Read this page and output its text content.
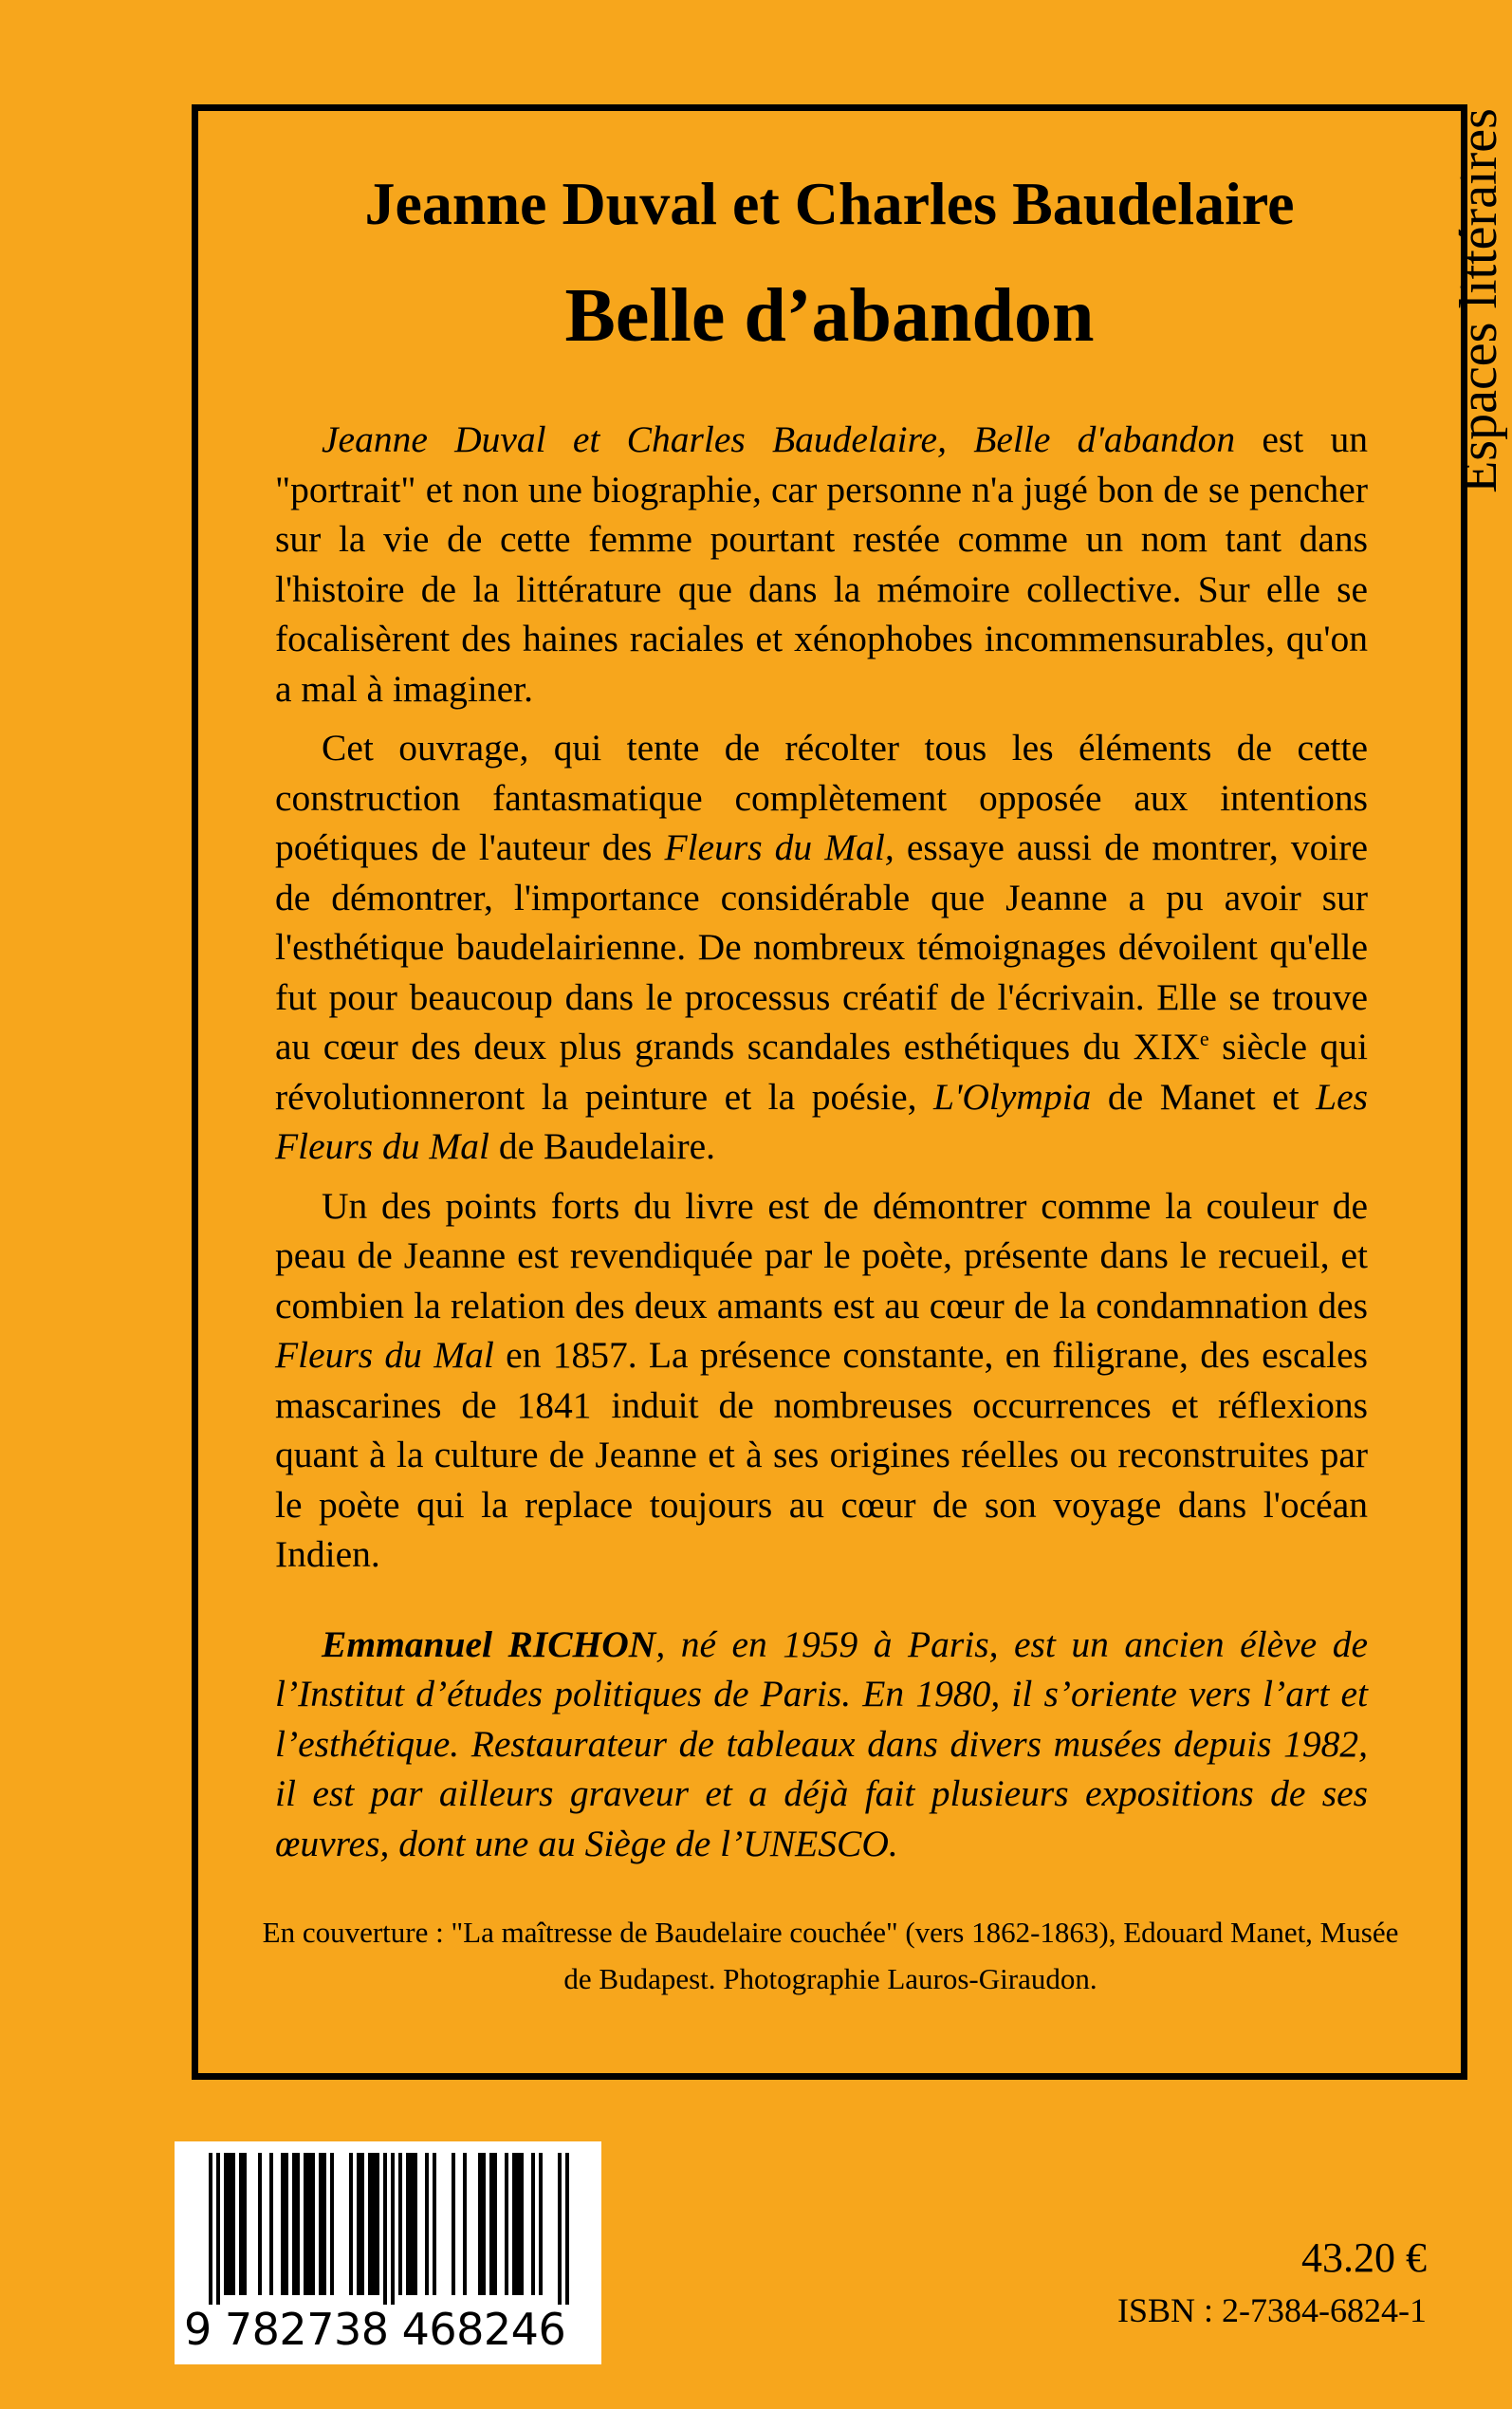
Espaces littéraires
Jeanne Duval et Charles Baudelaire
Belle d’abandon

Jeanne Duval et Charles Baudelaire, Belle d'abandon est un "portrait" et non une biographie, car personne n'a jugé bon de se pencher sur la vie de cette femme pourtant restée comme un nom tant dans l'histoire de la littérature que dans la mémoire collective. Sur elle se focalisèrent des haines raciales et xénophobes incommensurables, qu'on a mal à imaginer.

Cet ouvrage, qui tente de récolter tous les éléments de cette construction fantasmatique complètement opposée aux intentions poétiques de l'auteur des Fleurs du Mal, essaye aussi de montrer, voire de démontrer, l'importance considérable que Jeanne a pu avoir sur l'esthétique baudelairienne. De nombreux témoignages dévoilent qu'elle fut pour beaucoup dans le processus créatif de l'écrivain. Elle se trouve au cœur des deux plus grands scandales esthétiques du XIXe siècle qui révolutionneront la peinture et la poésie, L'Olympia de Manet et Les Fleurs du Mal de Baudelaire.

Un des points forts du livre est de démontrer comme la couleur de peau de Jeanne est revendiquée par le poète, présente dans le recueil, et combien la relation des deux amants est au cœur de la condamnation des Fleurs du Mal en 1857. La présence constante, en filigrane, des escales mascarines de 1841 induit de nombreuses occurrences et réflexions quant à la culture de Jeanne et à ses origines réelles ou reconstruites par le poète qui la replace toujours au cœur de son voyage dans l'océan Indien.

Emmanuel RICHON, né en 1959 à Paris, est un ancien élève de l’Institut d’études politiques de Paris. En 1980, il s’oriente vers l’art et l’esthétique. Restaurateur de tableaux dans divers musées depuis 1982, il est par ailleurs graveur et a déjà fait plusieurs expositions de ses œuvres, dont une au Siège de l’UNESCO.

En couverture : "La maîtresse de Baudelaire couchée" (vers 1862-1863), Edouard Manet, Musée de Budapest. Photographie Lauros-Giraudon.
9 782738 468246
43.20 €
ISBN : 2-7384-6824-1
